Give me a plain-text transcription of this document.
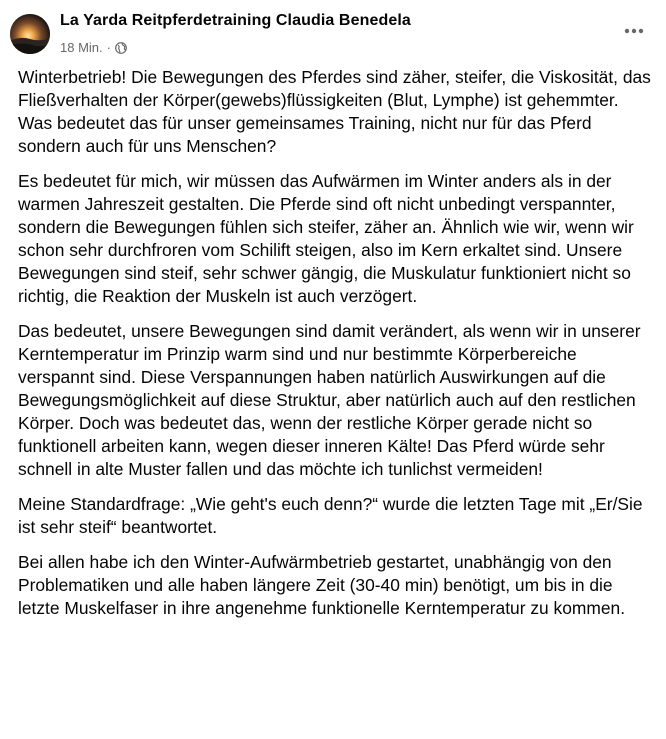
La Yarda Reitpferdetraining Claudia Benedela
18 Min. ·

Winterbetrieb! Die Bewegungen des Pferdes sind zäher, steifer, die Viskosität, das Fließverhalten der Körper(gewebs)flüssigkeiten (Blut, Lymphe) ist gehemmter. Was bedeutet das für unser gemeinsames Training, nicht nur für das Pferd sondern auch für uns Menschen?

Es bedeutet für mich, wir müssen das Aufwärmen im Winter anders als in der warmen Jahreszeit gestalten. Die Pferde sind oft nicht unbedingt verspannter, sondern die Bewegungen fühlen sich steifer, zäher an. Ähnlich wie wir, wenn wir schon sehr durchfroren vom Schilift steigen, also im Kern erkaltet sind. Unsere Bewegungen sind steif, sehr schwer gängig, die Muskulatur funktioniert nicht so richtig, die Reaktion der Muskeln ist auch verzögert.

Das bedeutet, unsere Bewegungen sind damit verändert, als wenn wir in unserer Kerntemperatur im Prinzip warm sind und nur bestimmte Körperbereiche verspannt sind. Diese Verspannungen haben natürlich Auswirkungen auf die Bewegungsmöglichkeit auf diese Struktur, aber natürlich auch auf den restlichen Körper. Doch was bedeutet das, wenn der restliche Körper gerade nicht so funktionell arbeiten kann, wegen dieser inneren Kälte! Das Pferd würde sehr schnell in alte Muster fallen und das möchte ich tunlichst vermeiden!

Meine Standardfrage: „Wie geht's euch denn?“ wurde die letzten Tage mit „Er/Sie ist sehr steif“ beantwortet.

Bei allen habe ich den Winter-Aufwärmbetrieb gestartet, unabhängig von den Problematiken und alle haben längere Zeit (30-40 min) benötigt, um bis in die letzte Muskelfaser in ihre angenehme funktionelle Kerntemperatur zu kommen.
